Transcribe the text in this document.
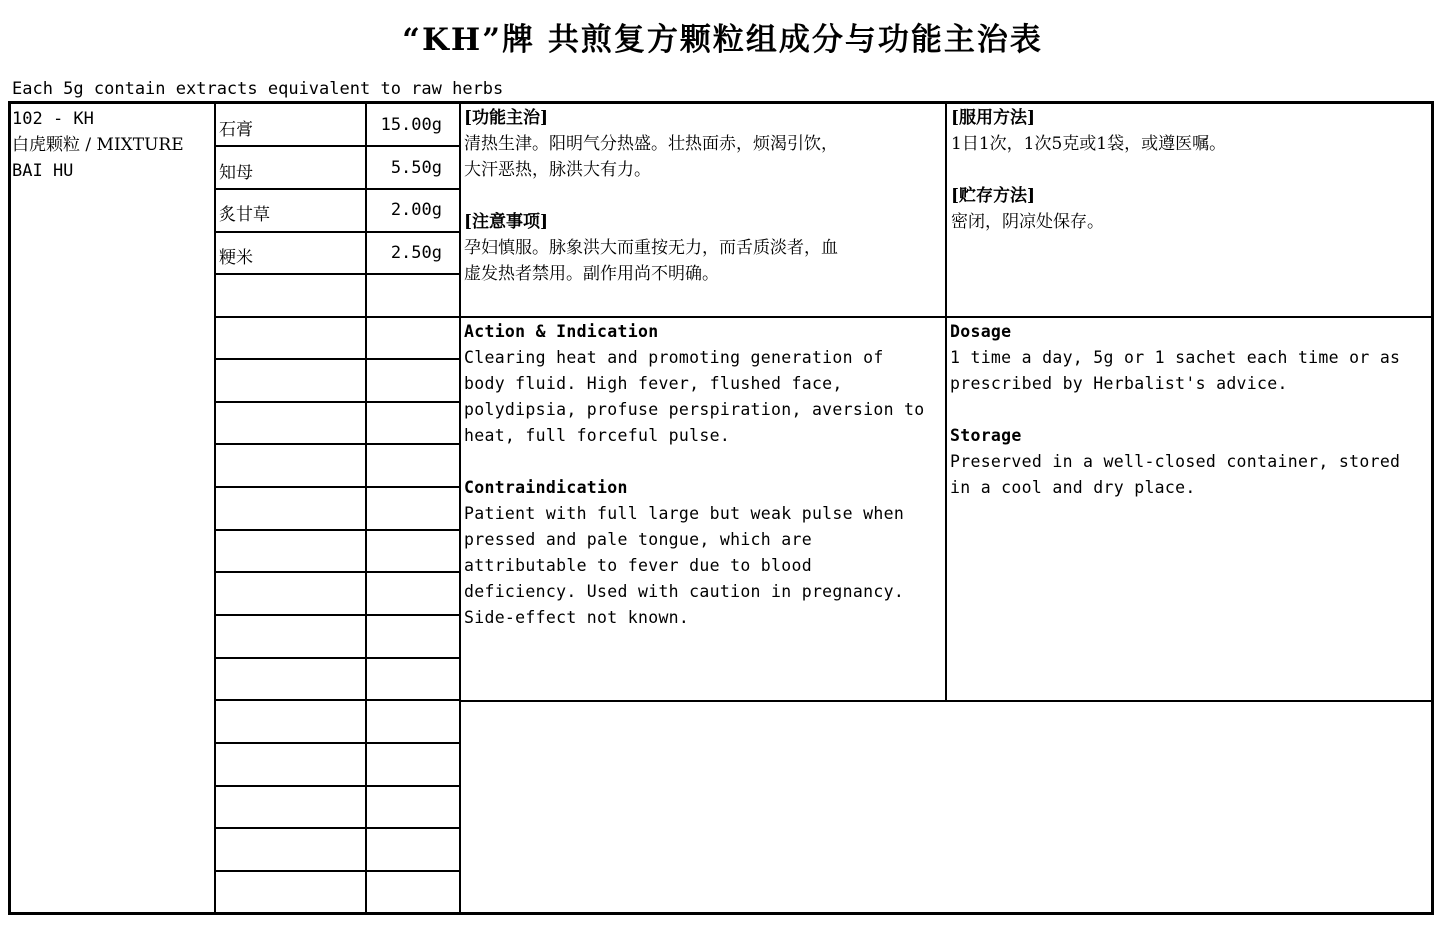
“KH”牌 共煎复方颗粒组成分与功能主治表
Each 5g contain extracts equivalent to raw herbs
102 - KH
白虎颗粒 / MIXTURE
BAI HU
石膏	15.00g
知母	5.50g
炙甘草	2.00g
粳米	2.50g
[功能主治]
清热生津。阳明气分热盛。壮热面赤，烦渴引饮，
大汗恶热，脉洪大有力。
[注意事项]
孕妇慎服。脉象洪大而重按无力，而舌质淡者，血
虚发热者禁用。副作用尚不明确。
[服用方法]
1日1次，1次5克或1袋，或遵医嘱。
[贮存方法]
密闭，阴凉处保存。
Action & Indication
Clearing heat and promoting generation of
body fluid. High fever, flushed face,
polydipsia, profuse perspiration, aversion to
heat, full forceful pulse.
Contraindication
Patient with full large but weak pulse when
pressed and pale tongue, which are
attributable to fever due to blood
deficiency. Used with caution in pregnancy.
Side-effect not known.
Dosage
1 time a day, 5g or 1 sachet each time or as
prescribed by Herbalist's advice.
Storage
Preserved in a well-closed container, stored
in a cool and dry place.
